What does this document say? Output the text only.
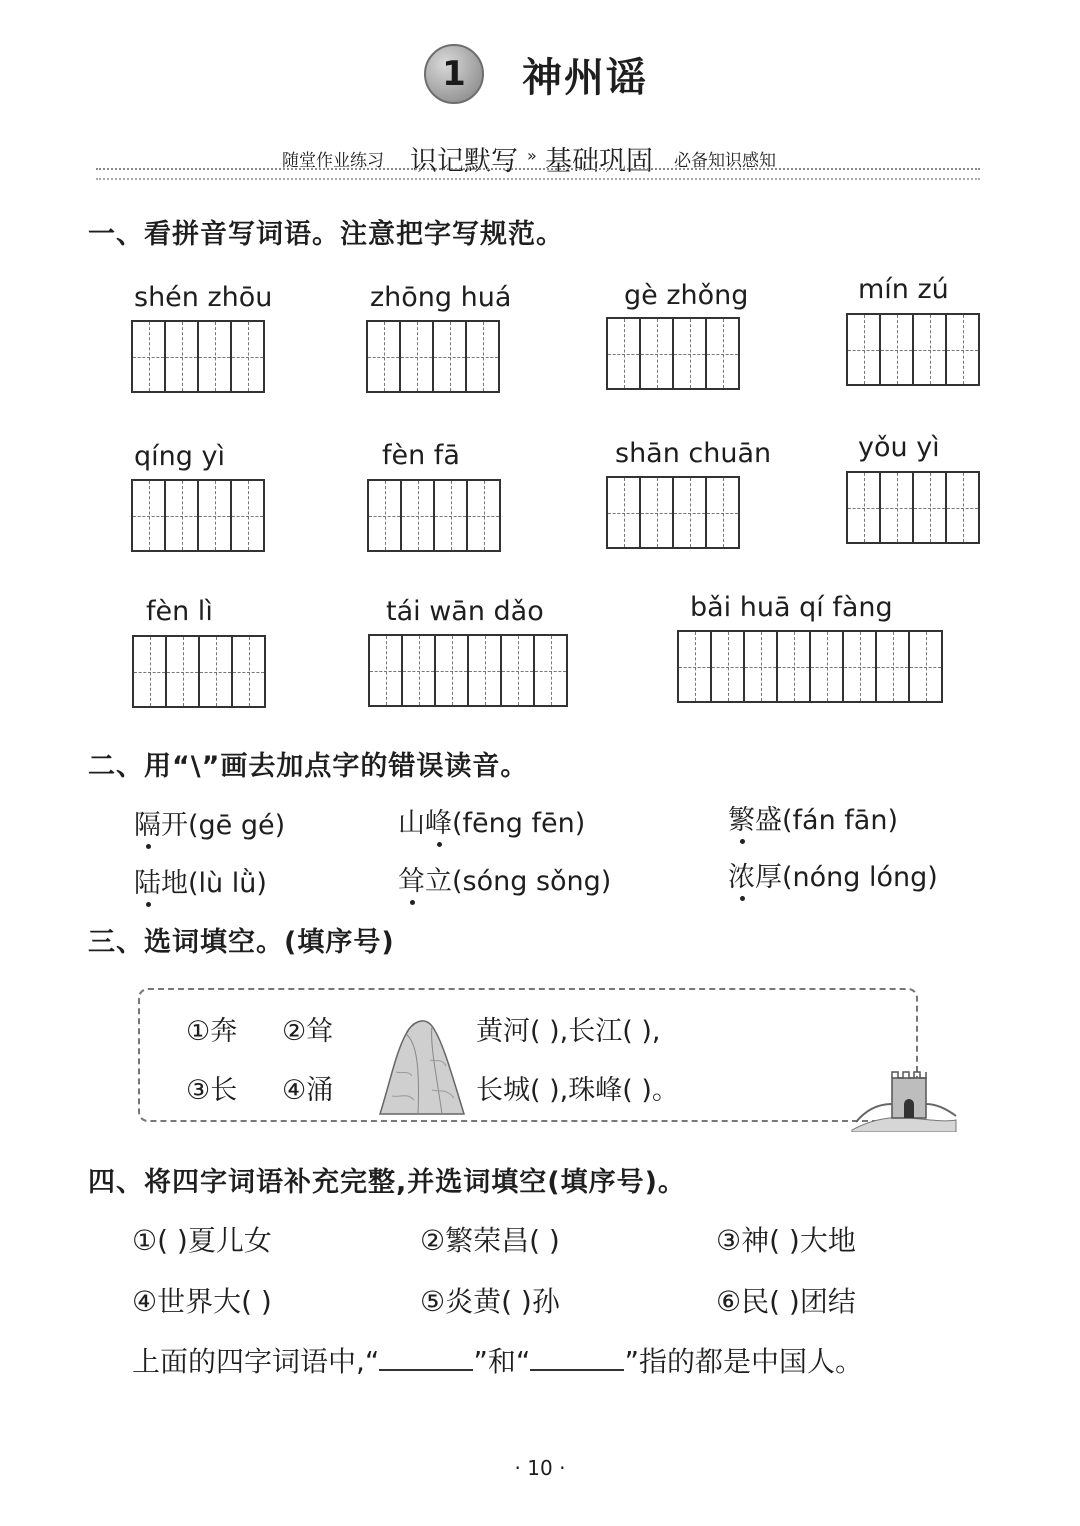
1 神州谣
随堂作业练习 识记默写 » 基础巩固 必备知识感知
一、看拼音写词语。注意把字写规范。
shén zhōu	zhōng huá	gè zhǒng	mín zú
qíng yì	fèn fā	shān chuān	yǒu yì
fèn lì	tái wān dǎo	bǎi huā qí fàng
二、用“\”画去加点字的错误读音。
隔开(gē gé)	山峰(fēng fēn)	繁盛(fán fān)
陆地(lù lǜ)	耸立(sóng sǒng)	浓厚(nóng lóng)
三、选词填空。(填序号)
①奔 ②耸
③长 ④涌
黄河( ),长江( ),
长城( ),珠峰( )。
四、将四字词语补充完整,并选词填空(填序号)。
①( )夏儿女	②繁荣昌( )	③神( )大地
④世界大( )	⑤炎黄( )孙	⑥民( )团结
上面的四字词语中,“	”和“	”指的都是中国人。
· 10 ·
